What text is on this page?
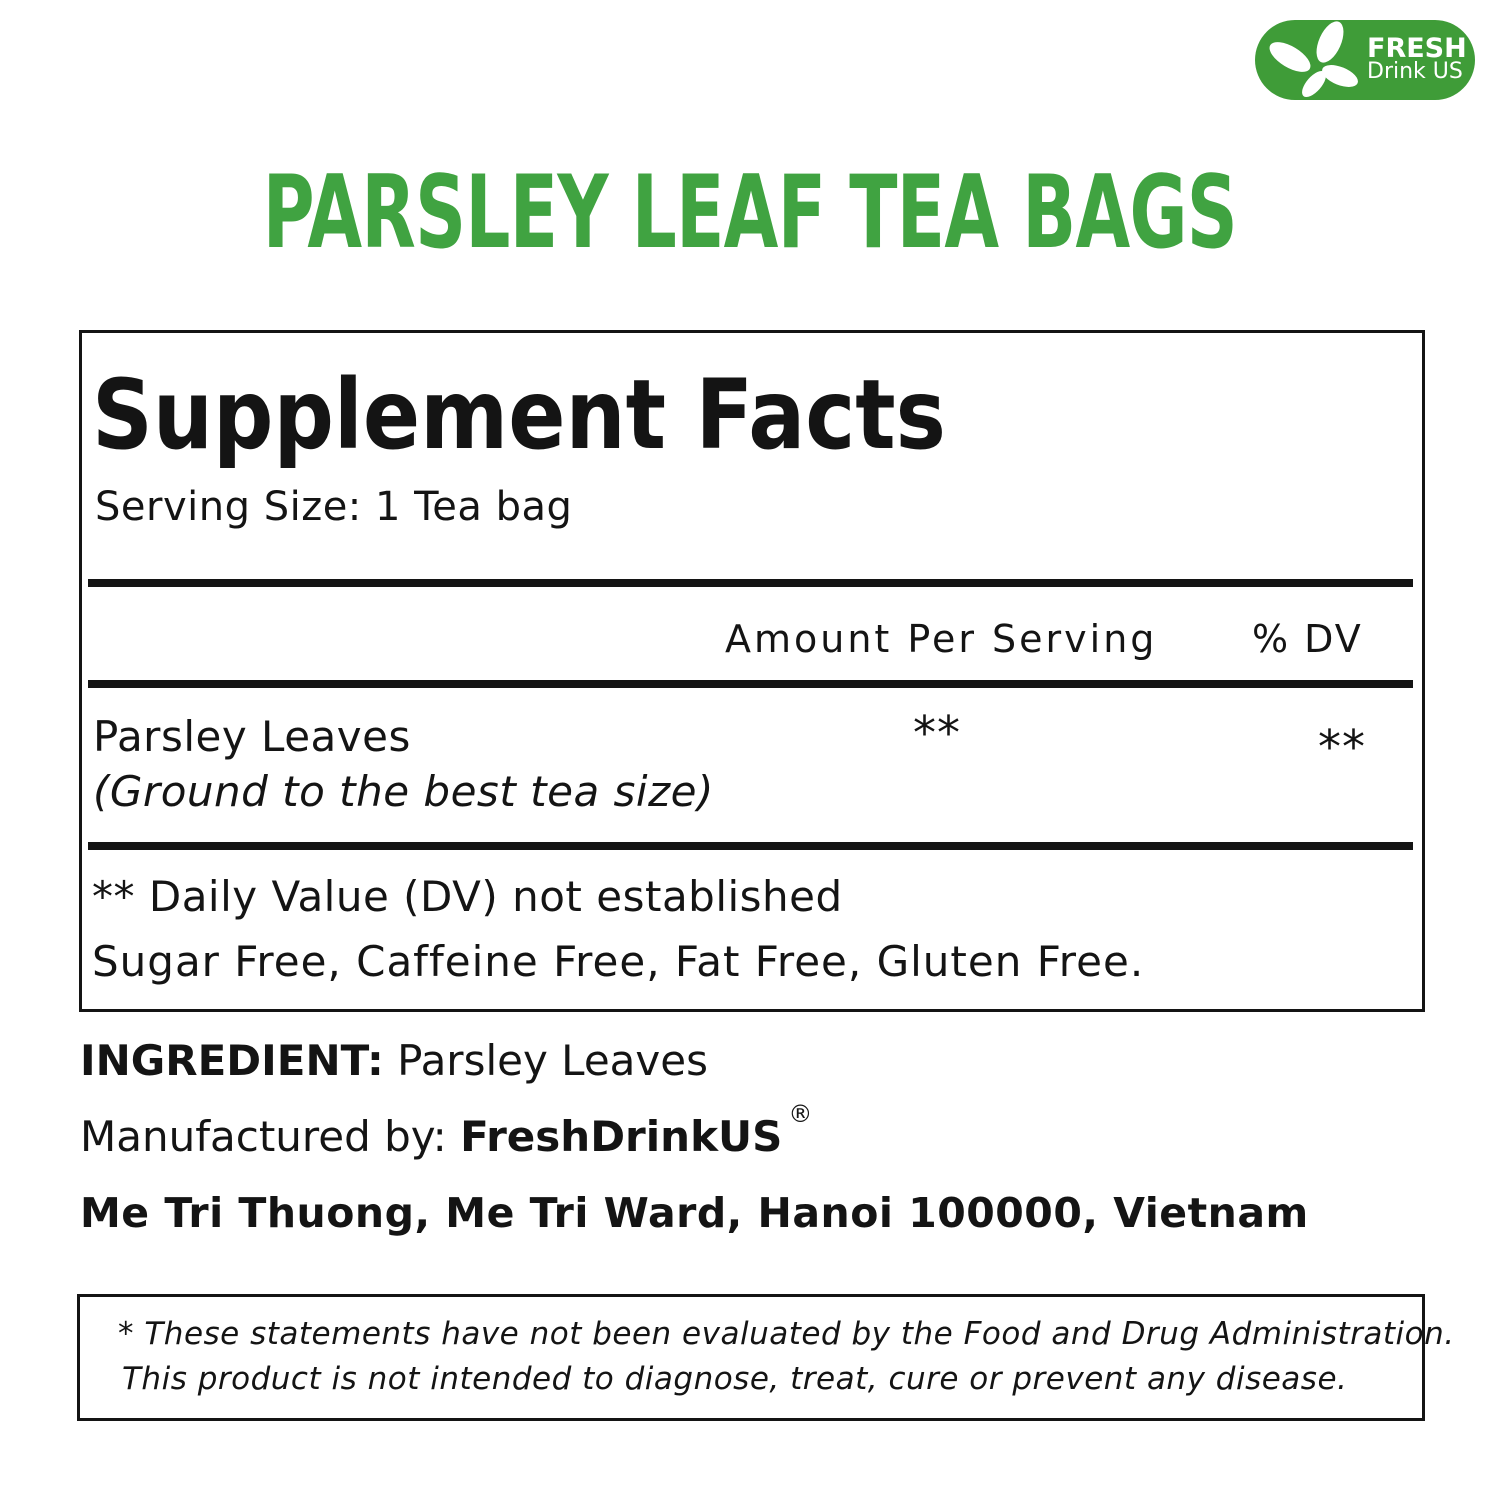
FRESH
Drink US
PARSLEY LEAF TEA BAGS
Supplement Facts
Serving Size: 1 Tea bag
Amount Per Serving % DV
Parsley Leaves	**	**
(Ground to the best tea size)
** Daily Value (DV) not established
Sugar Free, Caffeine Free, Fat Free, Gluten Free.
INGREDIENT: Parsley Leaves
Manufactured by: FreshDrinkUS ®
Me Tri Thuong, Me Tri Ward, Hanoi 100000, Vietnam
* These statements have not been evaluated by the Food and Drug Administration.
This product is not intended to diagnose, treat, cure or prevent any disease.
